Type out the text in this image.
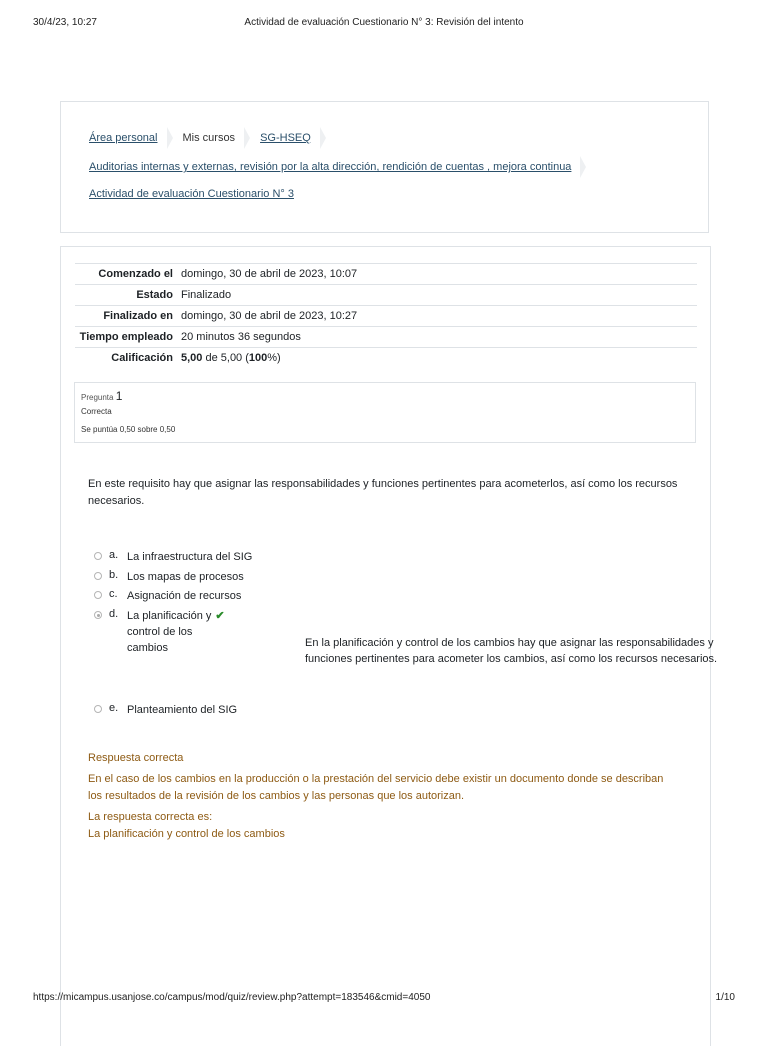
30/4/23, 10:27	Actividad de evaluación Cuestionario N° 3: Revisión del intento
Área personal Mis cursos SG-HSEQ
Auditorias internas y externas, revisión por la alta dirección, rendición de cuentas , mejora continua
Actividad de evaluación Cuestionario N° 3
Comenzado el	domingo, 30 de abril de 2023, 10:07
Estado	Finalizado
Finalizado en	domingo, 30 de abril de 2023, 10:27
Tiempo empleado	20 minutos 36 segundos
Calificación	5,00 de 5,00 (100%)
Pregunta 1
Correcta
Se puntúa 0,50 sobre 0,50
En este requisito hay que asignar las responsabilidades y funciones pertinentes para acometerlos, así como los recursos necesarios.
a. La infraestructura del SIG
b. Los mapas de procesos
c. Asignación de recursos
d. La planificación y ✔
control de los
cambios	En la planificación y control de los cambios hay que asignar las responsabilidades y funciones pertinentes para acometer los cambios, así como los recursos necesarios.
e. Planteamiento del SIG

Respuesta correcta

En el caso de los cambios en la producción o la prestación del servicio debe existir un documento donde se describan los resultados de la revisión de los cambios y las personas que los autorizan.

La respuesta correcta es:

La planificación y control de los cambios

https://micampus.usanjose.co/campus/mod/quiz/review.php?attempt=183546&cmid=4050	1/10
